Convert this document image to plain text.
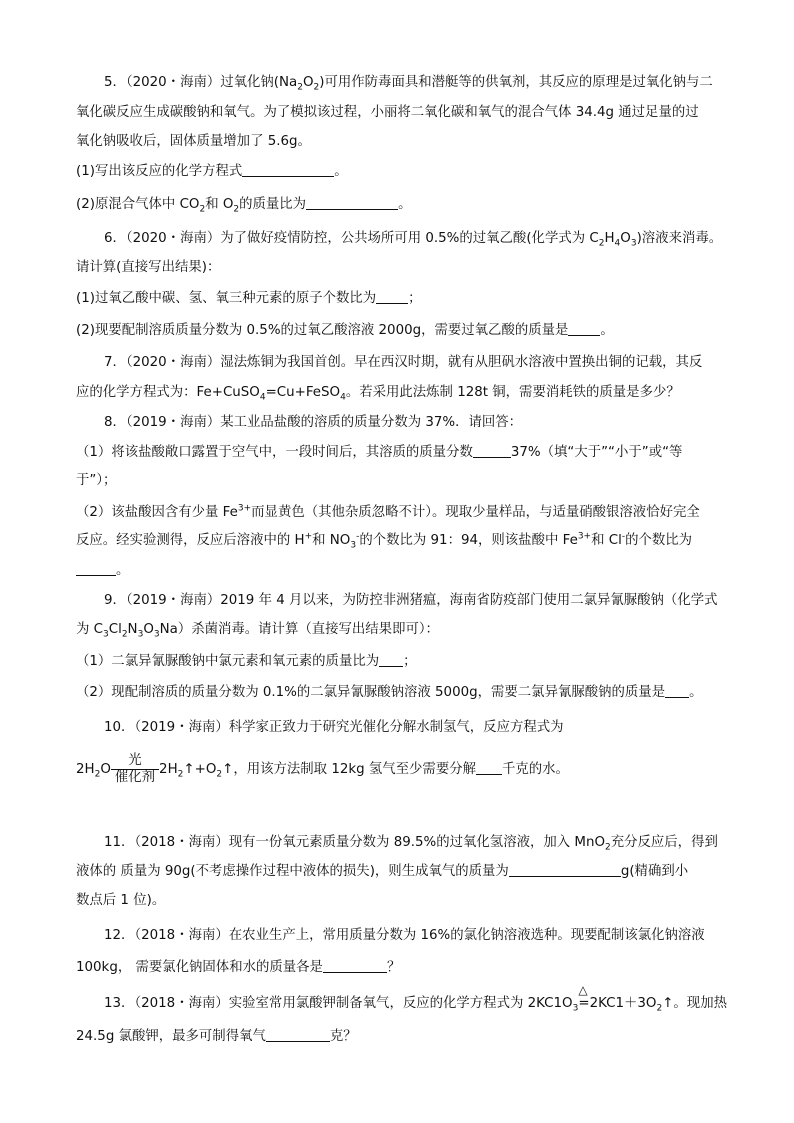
5．（2020・海南）过氧化钠$(Na_2O_2)$可用作防毒面具和潜艇等的供氧剂，其反应的原理是过氧化钠与二
氧化碳反应生成碳酸钠和氧气。为了模拟该过程，小丽将二氧化碳和氧气的混合气体 34.4g 通过足量的过
氧化钠吸收后，固体质量增加了 5.6g。
(1)写出该反应的化学方程式	。
(2)原混合气体中 $CO_2$和 $O_2$的质量比为	。
6．（2020・海南）为了做好疫情防控，公共场所可用 0.5%的过氧乙酸(化学式为 $C_2H_4O_3$)溶液来消毒。
请计算(直接写出结果)：
(1)过氧乙酸中碳、氢、氧三种元素的原子个数比为 ；
(2)现要配制溶质质量分数为 0.5%的过氧乙酸溶液 2000g，需要过氧乙酸的质量是 。
7．（2020・海南）湿法炼铜为我国首创。早在西汉时期，就有从胆矾水溶液中置换出铜的记载，其反
应的化学方程式为：Fe+CuSO$_4$=Cu+FeSO$_4$。若采用此法炼制 128t 铜，需要消耗铁的质量是多少？
8．（2019・海南）某工业品盐酸的溶质的质量分数为 37%．请回答：
（1）将该盐酸敞口露置于空气中，一段时间后，其溶质的质量分数	37%（填“大于”“小于”或“等
于”）；
（2）该盐酸因含有少量 $Fe^{3+}$而显黄色（其他杂质忽略不计）。现取少量样品，与适量硝酸银溶液恰好完全
反应。经实验测得，反应后溶液中的 H+和 $NO_3^-$的个数比为 91：94，则该盐酸中 $Fe^{3+}$和 Cl-的个数比为
。
9．（2019・海南）2019 年 4 月以来，为防控非洲猪瘟，海南省防疫部门使用二氯异氰脲酸钠（化学式
为 $C_3Cl_2N_3O_3Na$）杀菌消毒。请计算（直接写出结果即可）：
（1）二氯异氰脲酸钠中氯元素和氧元素的质量比为 ；
（2）现配制溶质的质量分数为 0.1%的二氯异氰脲酸钠溶液 5000g，需要二氯异氰脲酸钠的质量是 。
10．（2019・海南）科学家正致力于研究光催化分解水制氢气，反应方程式为
$2H_2O \frac{\text{光}}{\text{催化剂}}$ $2H_2↑+O_2↑$，用该方法制取 12kg 氢气至少需要分解 千克的水。
11．（2018・海南）现有一份氧元素质量分数为 89.5%的过氧化氢溶液，加入 MnO$_2$充分反应后，得到
液体的 质量为 90g(不考虑操作过程中液体的损失)，则生成氧气的质量为	g(精确到小
数点后 1 位)。
12．（2018・海南）在农业生产上，常用质量分数为 16%的氯化钠溶液选种。现要配制该氯化钠溶液
100kg， 需要氯化钠固体和水的质量各是	？
13．（2018・海南）实验室常用氯酸钾制备氧气，反应的化学方程式为 $2KC1O_3$
△
$=2KC1+3O_2↑$。现加热
24.5g 氯酸钾，最多可制得氧气	克？
